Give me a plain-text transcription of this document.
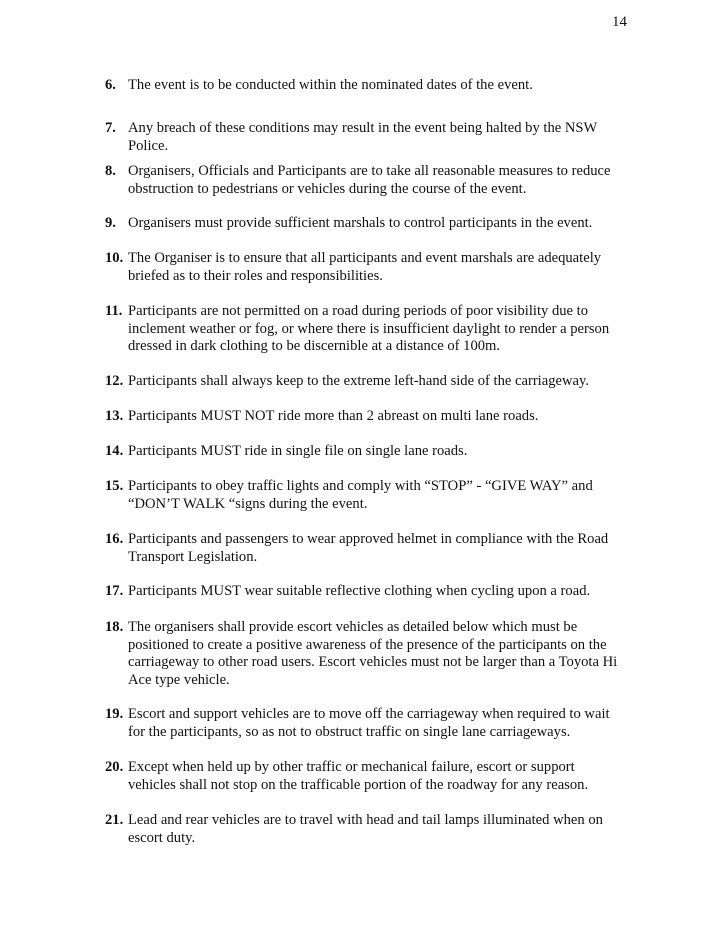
14
6. The event is to be conducted within the nominated dates of the event.
7. Any breach of these conditions may result in the event being halted by the NSW
Police.
8. Organisers, Officials and Participants are to take all reasonable measures to reduce
obstruction to pedestrians or vehicles during the course of the event.
9. Organisers must provide sufficient marshals to control participants in the event.
10. The Organiser is to ensure that all participants and event marshals are adequately
briefed as to their roles and responsibilities.
11. Participants are not permitted on a road during periods of poor visibility due to
inclement weather or fog, or where there is insufficient daylight to render a person
dressed in dark clothing to be discernible at a distance of 100m.
12. Participants shall always keep to the extreme left-hand side of the carriageway.
13. Participants MUST NOT ride more than 2 abreast on multi lane roads.
14. Participants MUST ride in single file on single lane roads.
15. Participants to obey traffic lights and comply with “STOP” - “GIVE WAY” and
“DON’T WALK “signs during the event.
16. Participants and passengers to wear approved helmet in compliance with the Road
Transport Legislation.
17. Participants MUST wear suitable reflective clothing when cycling upon a road.
18. The organisers shall provide escort vehicles as detailed below which must be
positioned to create a positive awareness of the presence of the participants on the
carriageway to other road users. Escort vehicles must not be larger than a Toyota Hi
Ace type vehicle.
19. Escort and support vehicles are to move off the carriageway when required to wait
for the participants, so as not to obstruct traffic on single lane carriageways.
20. Except when held up by other traffic or mechanical failure, escort or support
vehicles shall not stop on the trafficable portion of the roadway for any reason.
21. Lead and rear vehicles are to travel with head and tail lamps illuminated when on
escort duty.
